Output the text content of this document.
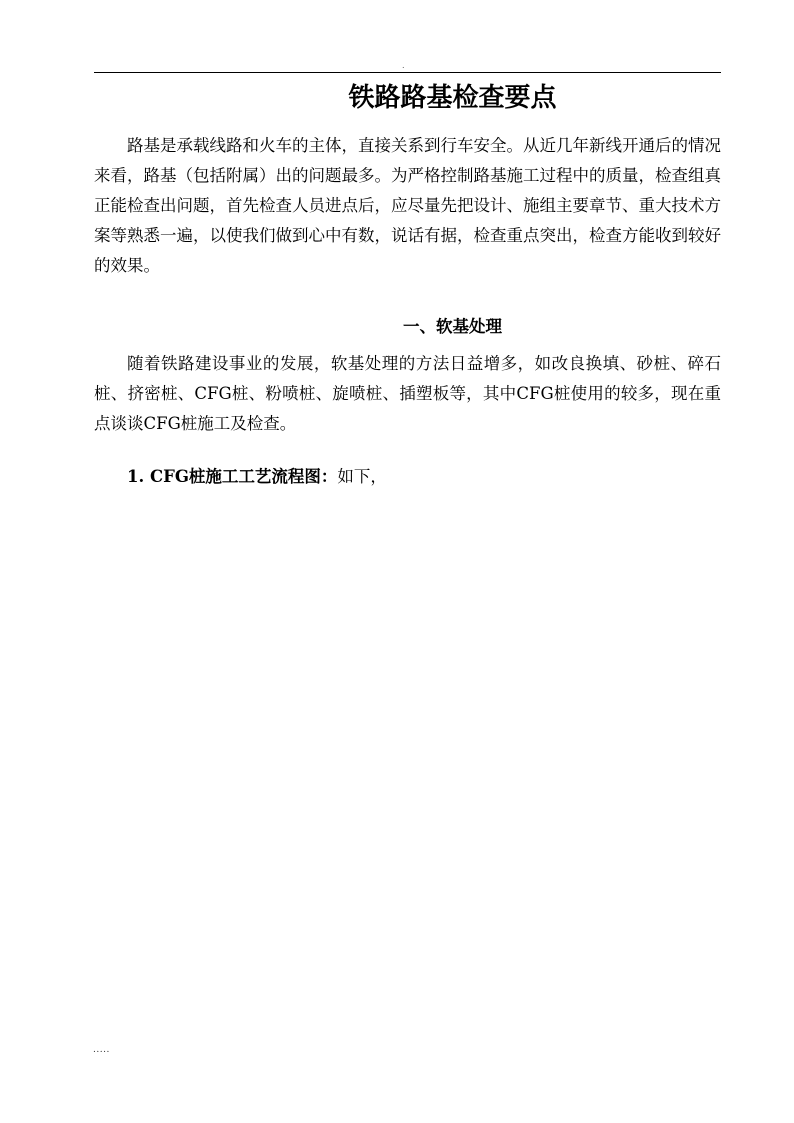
.
铁路路基检查要点

路基是承载线路和火车的主体，直接关系到行车安全。从近几年新线开通后的情况来看，路基（包括附属）出的问题最多。为严格控制路基施工过程中的质量，检查组真正能检查出问题，首先检查人员进点后，应尽量先把设计、施组主要章节、重大技术方案等熟悉一遍，以使我们做到心中有数，说话有据，检查重点突出，检查方能收到较好的效果。

一、软基处理

随着铁路建设事业的发展，软基处理的方法日益增多，如改良换填、砂桩、碎石桩、挤密桩、CFG桩、粉喷桩、旋喷桩、插塑板等，其中CFG桩使用的较多，现在重点谈谈CFG桩施工及检查。

1. CFG桩施工工艺流程图：如下，

.....
